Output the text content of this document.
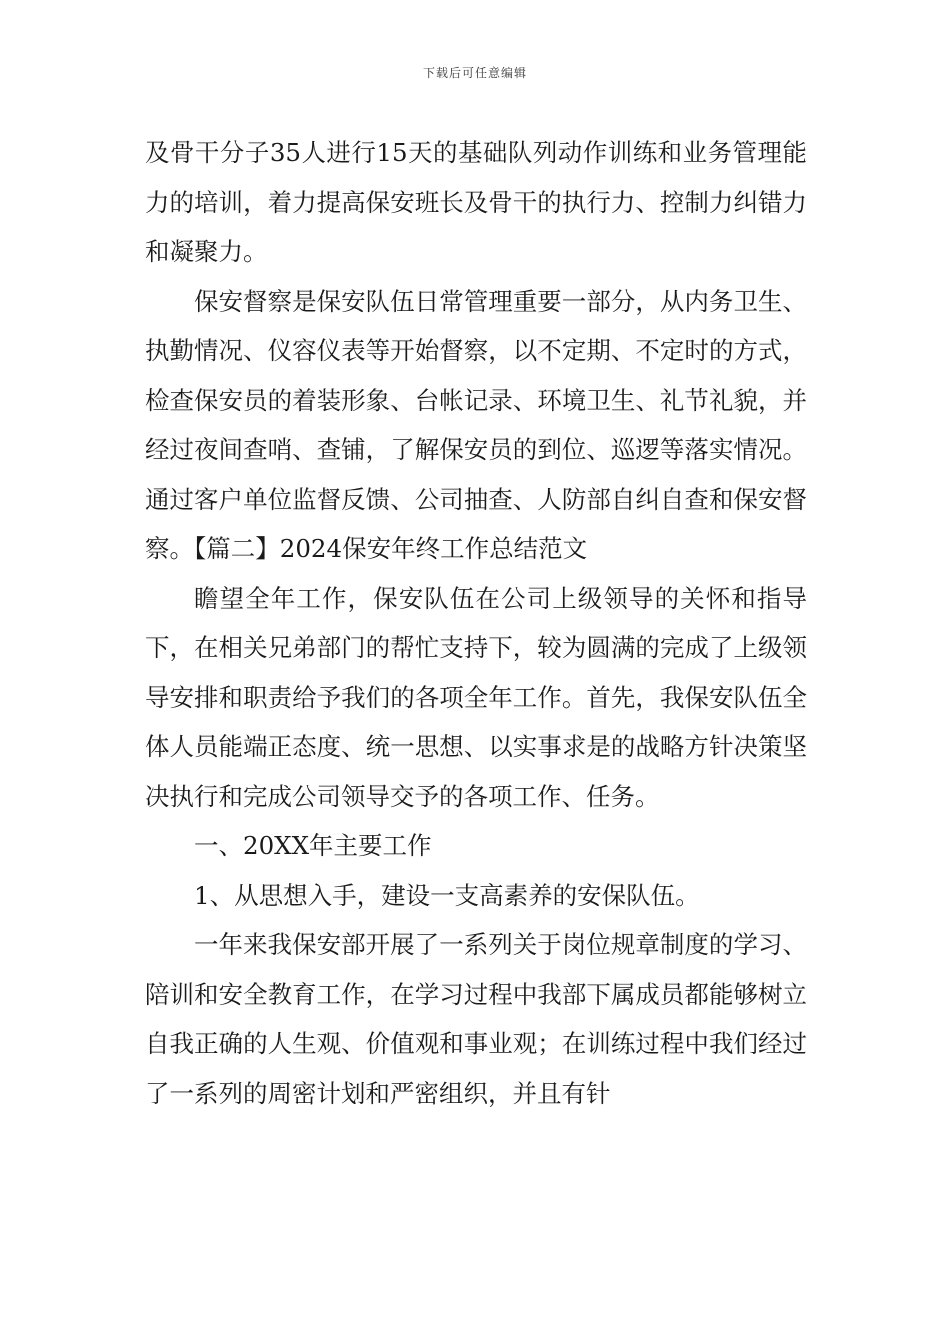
下载后可任意编辑

及骨干分子35人进行15天的基础队列动作训练和业务管理能力的培训，着力提高保安班长及骨干的执行力、控制力纠错力和凝聚力。

保安督察是保安队伍日常管理重要一部分，从内务卫生、执勤情况、仪容仪表等开始督察，以不定期、不定时的方式，检查保安员的着装形象、台帐记录、环境卫生、礼节礼貌，并经过夜间查哨、查铺，了解保安员的到位、巡逻等落实情况。通过客户单位监督反馈、公司抽查、人防部自纠自查和保安督察。【篇二】2024保安年终工作总结范文

瞻望全年工作，保安队伍在公司上级领导的关怀和指导下，在相关兄弟部门的帮忙支持下，较为圆满的完成了上级领导安排和职责给予我们的各项全年工作。首先，我保安队伍全体人员能端正态度、统一思想、以实事求是的战略方针决策坚决执行和完成公司领导交予的各项工作、任务。

一、20XX年主要工作

1、从思想入手，建设一支高素养的安保队伍。

一年来我保安部开展了一系列关于岗位规章制度的学习、陪训和安全教育工作，在学习过程中我部下属成员都能够树立自我正确的人生观、价值观和事业观；在训练过程中我们经过了一系列的周密计划和严密组织，并且有针
